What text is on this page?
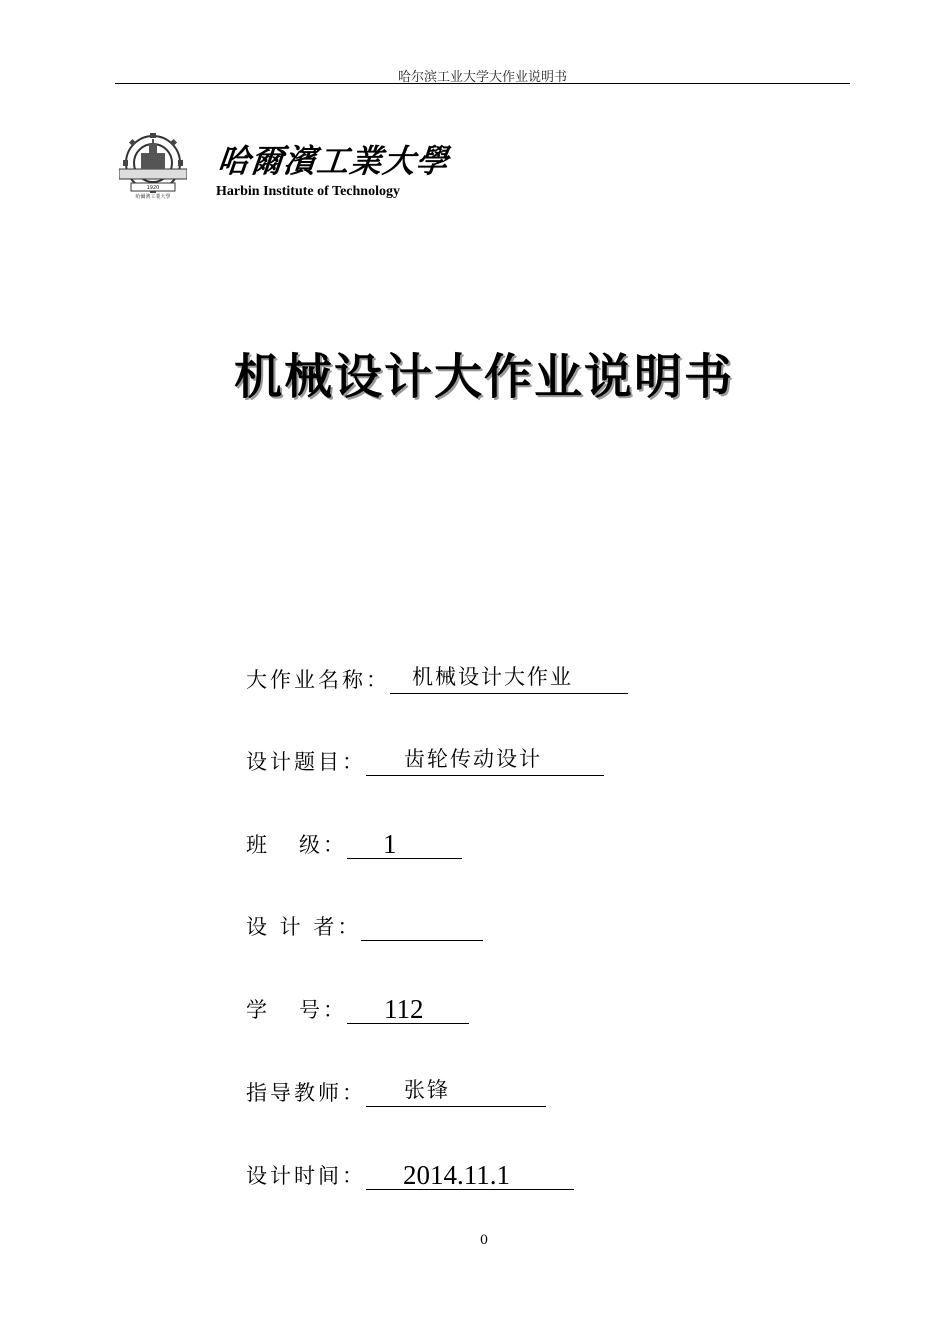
哈尔滨工业大学大作业说明书
1920
哈爾濱工業大學
哈爾濱工業大學
Harbin Institute of Technology
机械设计大作业说明书
大作业名称： 机械设计大作业
设计题目： 齿轮传动设计
班   级： 1
设 计 者：
学   号： 112
指导教师： 张锋
设计时间： 2014.11.1
0
